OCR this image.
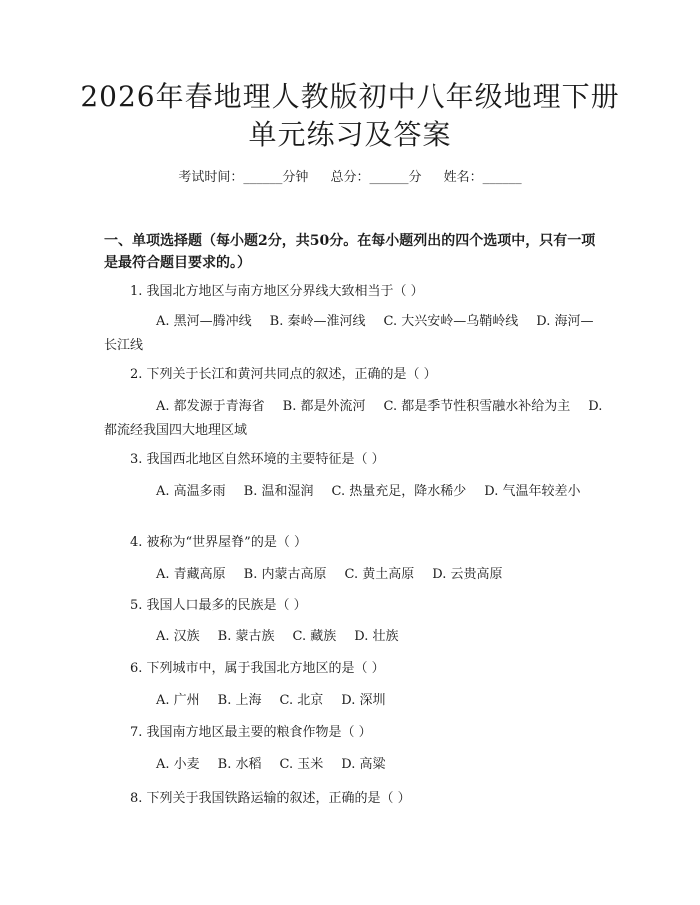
2026年春地理人教版初中八年级地理下册单元练习及答案
考试时间：______分钟 总分：______分 姓名：______
一、单项选择题（每小题2分，共50分。在每小题列出的四个选项中，只有一项是最符合题目要求的。）
1. 我国北方地区与南方地区分界线大致相当于（ ）
A. 黑河—腾冲线 B. 秦岭—淮河线 C. 大兴安岭—乌鞘岭线 D. 海河—长江线
2. 下列关于长江和黄河共同点的叙述，正确的是（ ）
A. 都发源于青海省 B. 都是外流河 C. 都是季节性积雪融水补给为主 D. 都流经我国四大地理区域
3. 我国西北地区自然环境的主要特征是（ ）
A. 高温多雨 B. 温和湿润 C. 热量充足，降水稀少 D. 气温年较差小
4. 被称为“世界屋脊”的是（ ）
A. 青藏高原 B. 内蒙古高原 C. 黄土高原 D. 云贵高原
5. 我国人口最多的民族是（ ）
A. 汉族 B. 蒙古族 C. 藏族 D. 壮族
6. 下列城市中，属于我国北方地区的是（ ）
A. 广州 B. 上海 C. 北京 D. 深圳
7. 我国南方地区最主要的粮食作物是（ ）
A. 小麦 B. 水稻 C. 玉米 D. 高粱
8. 下列关于我国铁路运输的叙述，正确的是（ ）
